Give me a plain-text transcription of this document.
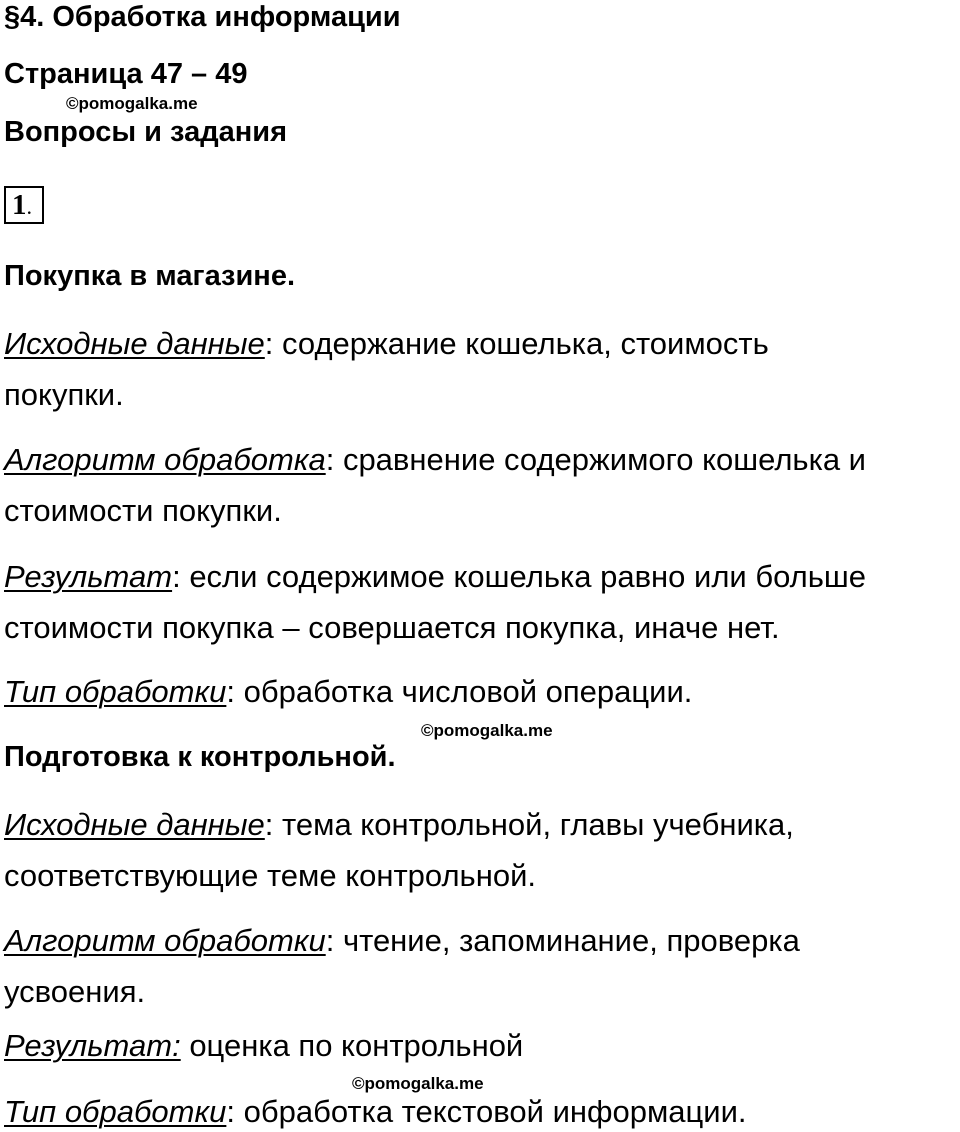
§4. Обработка информации
Страница 47 – 49
©pomogalka.me
Вопросы и задания
1.
Покупка в магазине.
Исходные данные: содержание кошелька, стоимость
покупки.
Алгоритм обработка: сравнение содержимого кошелька и
стоимости покупки.
Результат: если содержимое кошелька равно или больше
стоимости покупка – совершается покупка, иначе нет.
Тип обработки: обработка числовой операции.
©pomogalka.me
Подготовка к контрольной.
Исходные данные: тема контрольной, главы учебника,
соответствующие теме контрольной.
Алгоритм обработки: чтение, запоминание, проверка
усвоения.
Результат: оценка по контрольной
©pomogalka.me
Тип обработки: обработка текстовой информации.
